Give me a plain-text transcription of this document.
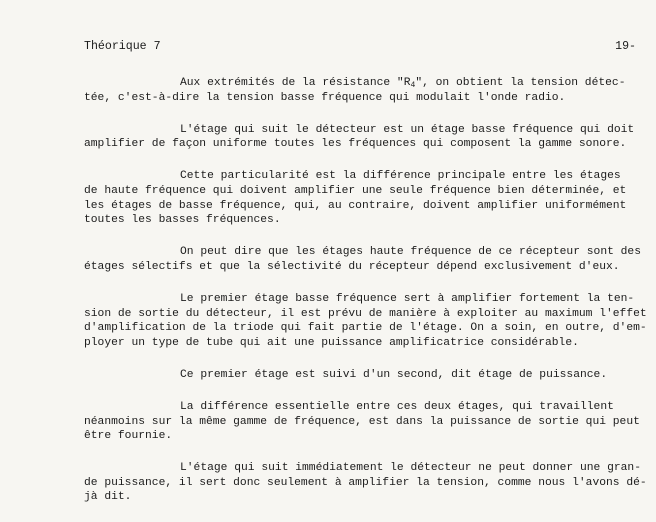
Théorique 7	19-
Aux extrémités de la résistance "$R_4$", on obtient la tension détec-
tée, c'est-à-dire la tension basse fréquence qui modulait l'onde radio.
L'étage qui suit le détecteur est un étage basse fréquence qui doit
amplifier de façon uniforme toutes les fréquences qui composent la gamme sonore.
Cette particularité est la différence principale entre les étages
de haute fréquence qui doivent amplifier une seule fréquence bien déterminée, et
les étages de basse fréquence, qui, au contraire, doivent amplifier uniformément
toutes les basses fréquences.
On peut dire que les étages haute fréquence de ce récepteur sont des
étages sélectifs et que la sélectivité du récepteur dépend exclusivement d'eux.
Le premier étage basse fréquence sert à amplifier fortement la ten-
sion de sortie du détecteur, il est prévu de manière à exploiter au maximum l'effet
d'amplification de la triode qui fait partie de l'étage. On a soin, en outre, d'em-
ployer un type de tube qui ait une puissance amplificatrice considérable.
Ce premier étage est suivi d'un second, dit étage de puissance.
La différence essentielle entre ces deux étages, qui travaillent
néanmoins sur la même gamme de fréquence, est dans la puissance de sortie qui peut
être fournie.
L'étage qui suit immédiatement le détecteur ne peut donner une gran-
de puissance, il sert donc seulement à amplifier la tension, comme nous l'avons dé-
jà dit.
